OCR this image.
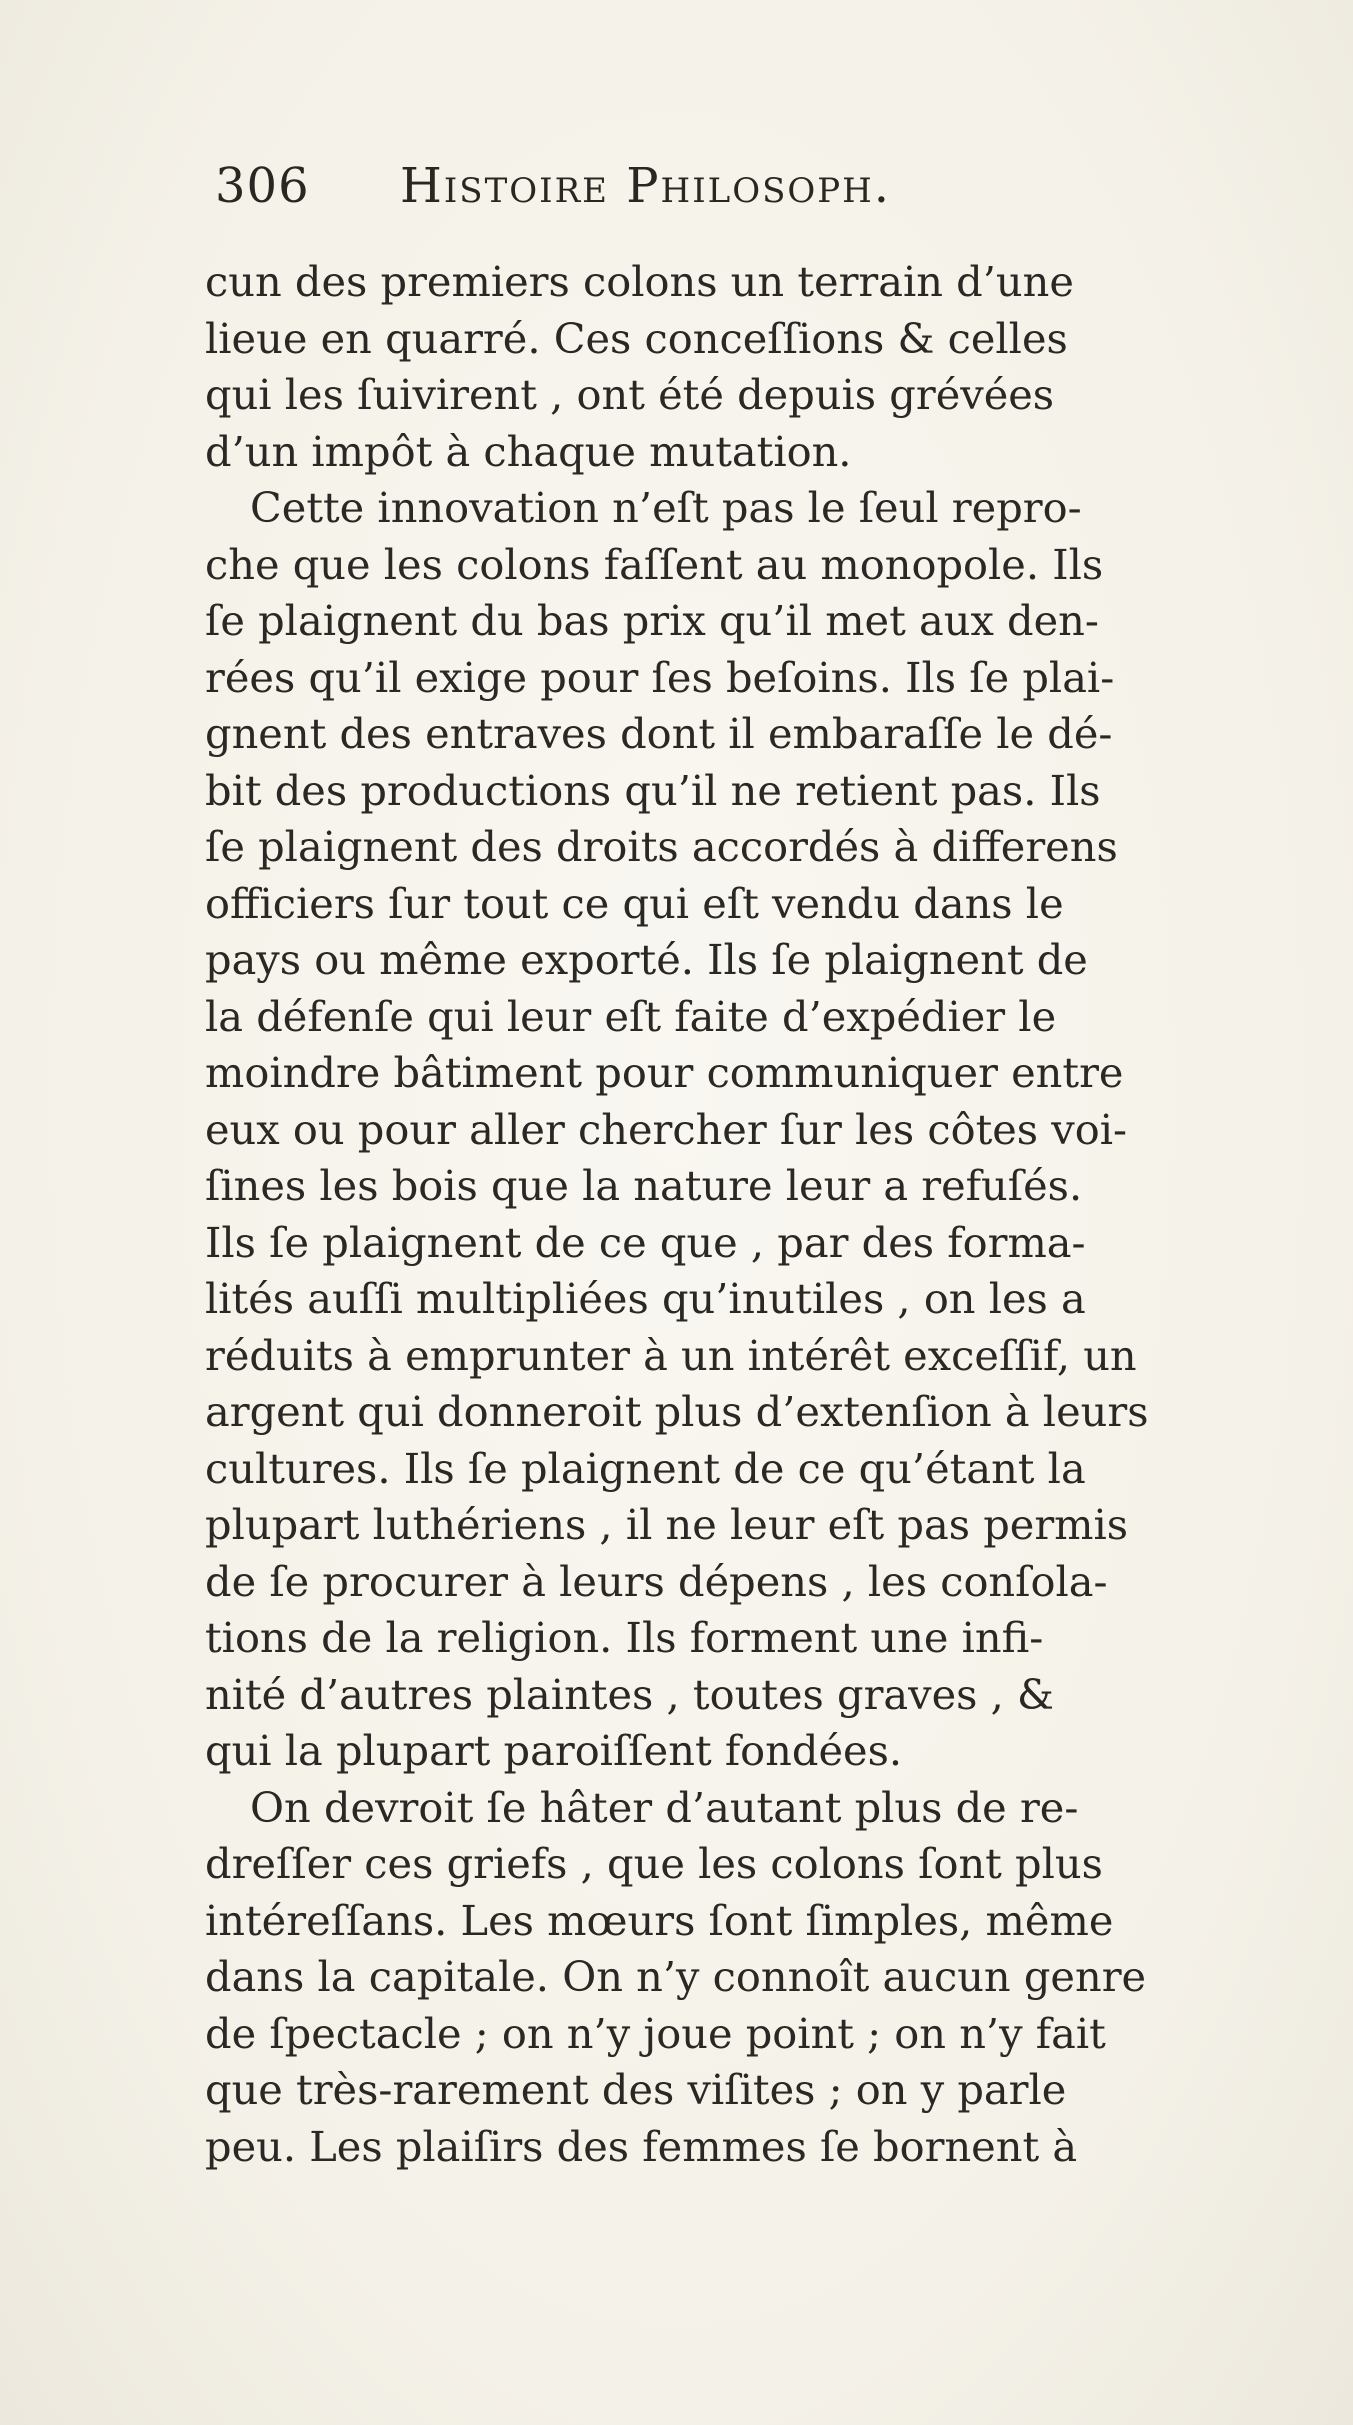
306 Histoire Philosoph.
cun des premiers colons un terrain d’une
lieue en quarré. Ces conceſſions & celles
qui les ſuivirent , ont été depuis grévées
d’un impôt à chaque mutation.
Cette innovation n’eſt pas le ſeul repro-
che que les colons faſſent au monopole. Ils
ſe plaignent du bas prix qu’il met aux den-
rées qu’il exige pour ſes beſoins. Ils ſe plai-
gnent des entraves dont il embaraſſe le dé-
bit des productions qu’il ne retient pas. Ils
ſe plaignent des droits accordés à differens
officiers ſur tout ce qui eſt vendu dans le
pays ou même exporté. Ils ſe plaignent de
la défenſe qui leur eſt faite d’expédier le
moindre bâtiment pour communiquer entre
eux ou pour aller chercher ſur les côtes voi-
ſines les bois que la nature leur a refuſés.
Ils ſe plaignent de ce que , par des forma-
lités auſſi multipliées qu’inutiles , on les a
réduits à emprunter à un intérêt exceſſif, un
argent qui donneroit plus d’extenſion à leurs
cultures. Ils ſe plaignent de ce qu’étant la
plupart luthériens , il ne leur eſt pas permis
de ſe procurer à leurs dépens , les conſola-
tions de la religion. Ils forment une infi-
nité d’autres plaintes , toutes graves , &
qui la plupart paroiſſent fondées.
On devroit ſe hâter d’autant plus de re-
dreſſer ces griefs , que les colons ſont plus
intéreſſans. Les mœurs ſont ſimples, même
dans la capitale. On n’y connoît aucun genre
de ſpectacle ; on n’y joue point ; on n’y fait
que très-rarement des viſites ; on y parle
peu. Les plaiſirs des femmes ſe bornent à
